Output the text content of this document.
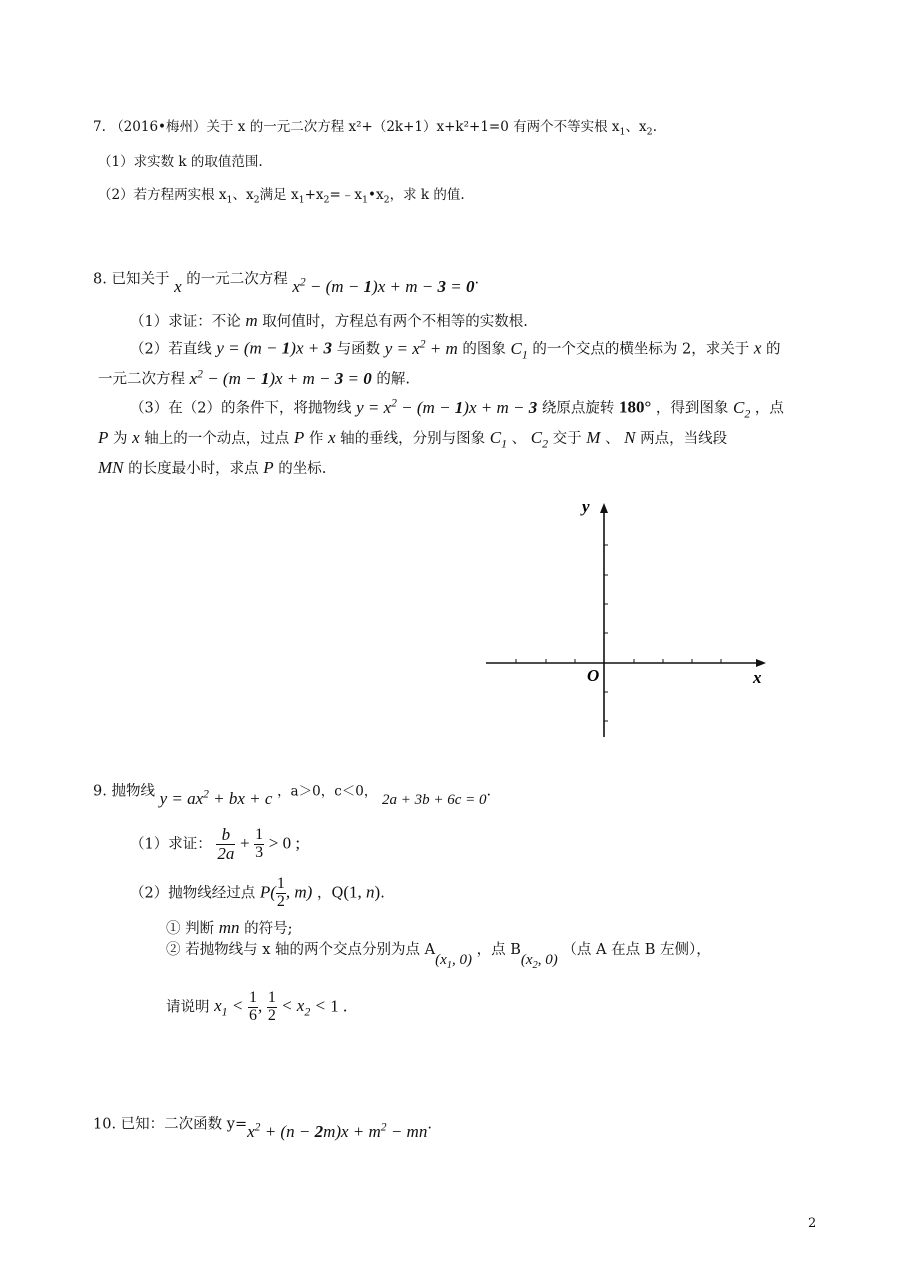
7. （2016•梅州）关于 x 的一元二次方程 x²+（2k+1）x+k²+1=0 有两个不等实根 $x_1$、$x_2$.
（1）求实数 k 的取值范围.
（2）若方程两实根 $x_1$、$x_2$满足 $x_1+x_2=﹣x_1•x_2$，求 k 的值.
8. 已知关于 x 的一元二次方程 $x^2 - (m - 1)x + m - 3 = 0$.
（1）求证：不论 m 取何值时，方程总有两个不相等的实数根.
（2）若直线 y = (m − 1)x + 3 与函数 $y = x^2 + m$ 的图象 $C_1$ 的一个交点的横坐标为 2，求关于 x 的
一元二次方程 $x^2 - (m - 1)x + m - 3 = 0$ 的解.
（3）在（2）的条件下，将抛物线 $y = x^2 - (m - 1)x + m - 3$ 绕原点旋转 180° ，得到图象 $C_2$ ，点
P 为 x 轴上的一个动点，过点 P 作 x 轴的垂线，分别与图象 $C_1$ 、 $C_2$ 交于 M 、 N 两点，当线段
MN 的长度最小时，求点 P 的坐标.
y
x
O
9. 抛物线 $y = ax^2$ + bx + c ，a＞0，c＜0， 2a + 3b + 6c = 0.
（1）求证： $\frac{b}{2a} + \frac{1}{3} > 0$ ;
（2）抛物线经过点 $P( \frac{1}{2}$ , m) ，Q(1, n).
① 判断 mn 的符号;
② 若抛物线与 x 轴的两个交点分别为点 $A(x_1$, 0) ，点 $B(x_2$, 0) （点 A 在点 B 左侧），
请说明 $x_1 < \frac{1}{6}$ , $\frac{1}{2} < x_2 < 1$ .
10. 已知：二次函数 $y=x^2 + (n - 2m)x + m^2$ − mn.
2
